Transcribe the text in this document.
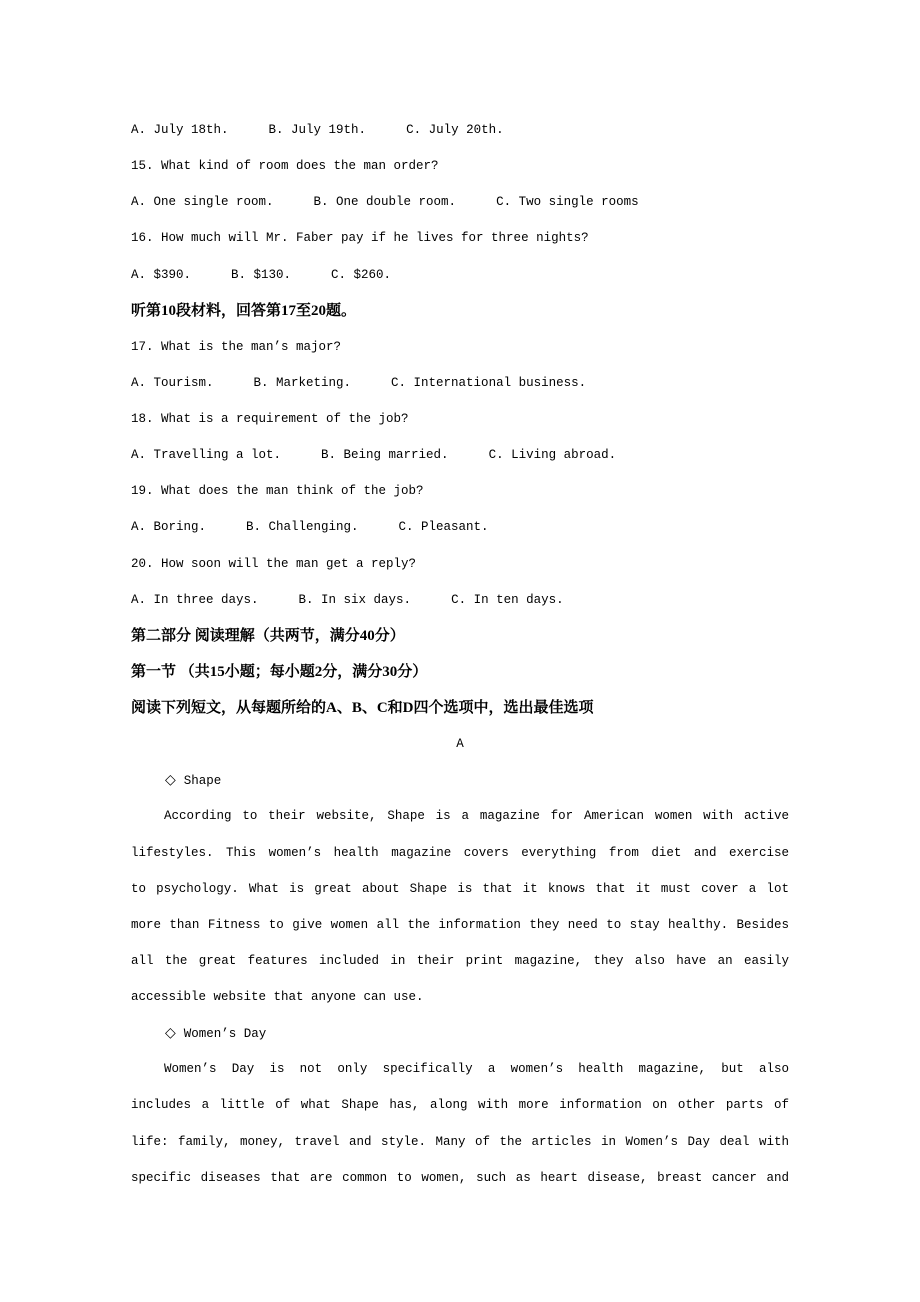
A. July 18th.	B. July 19th.	C. July 20th.
15. What kind of room does the man order?
A. One single room.	B. One double room.	C. Two single rooms
16. How much will Mr. Faber pay if he lives for three nights?
A. $390.	B. $130.	C. $260.
听第10段材料，回答第17至20题。
17. What is the man’s major?
A. Tourism.	B. Marketing.	C. International business.
18. What is a requirement of the job?
A. Travelling a lot.	B. Being married.	C. Living abroad.
19. What does the man think of the job?
A. Boring.	B. Challenging.	C. Pleasant.
20. How soon will the man get a reply?
A. In three days.	B. In six days.	C. In ten days.
第二部分 阅读理解（共两节，满分40分）
第一节 （共15小题；每小题2分，满分30分）
阅读下列短文，从每题所给的A、B、C和D四个选项中，选出最佳选项
A
◇ Shape
According to their website, Shape is a magazine for American women with active
lifestyles. This women’s health magazine covers everything from diet and exercise
to psychology. What is great about Shape is that it knows that it must cover a lot
more than Fitness to give women all the information they need to stay healthy. Besides
all the great features included in their print magazine, they also have an easily
accessible website that anyone can use.
◇ Women’s Day
Women’s Day is not only specifically a women’s health magazine, but also
includes a little of what Shape has, along with more information on other parts of
life: family, money, travel and style. Many of the articles in Women’s Day deal with
specific diseases that are common to women, such as heart disease, breast cancer and
